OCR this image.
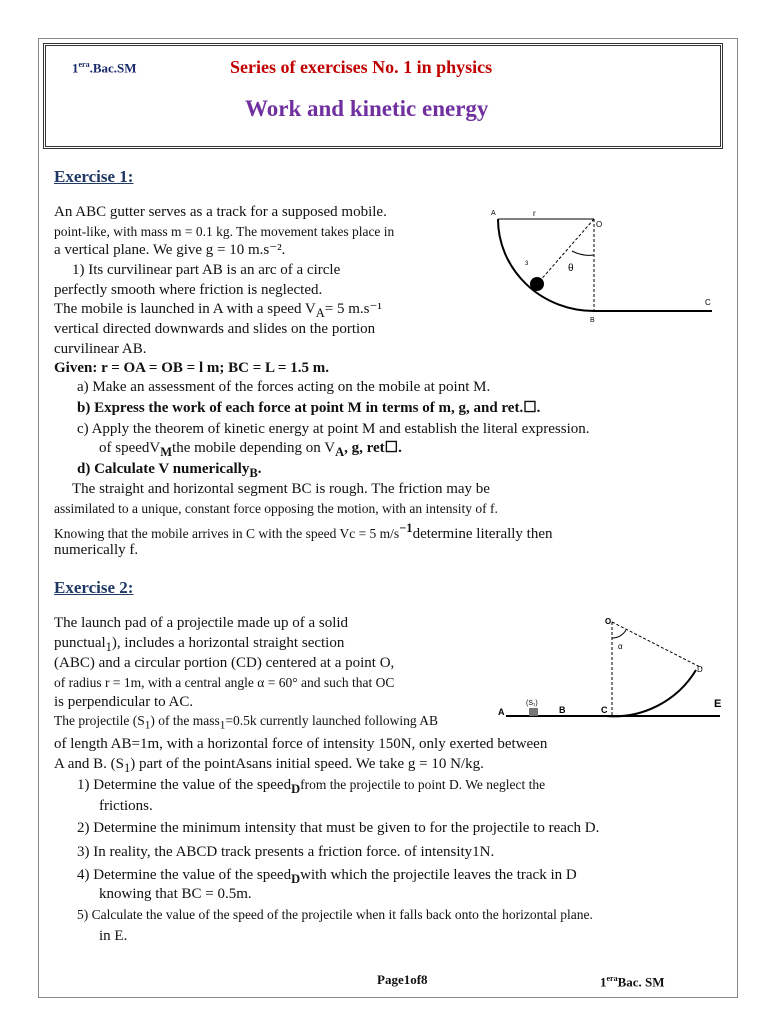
$1^{era}.Bac.SM$	Series of exercises No. 1 in physics
Work and kinetic energy
Exercise 1:
An ABC gutter serves as a track for a supposed mobile.
point-like, with mass m = 0.1 kg. The movement takes place in
a vertical plane. We give g = 10 m.s⁻².
1) Its curvilinear part AB is an arc of a circle
perfectly smooth where friction is neglected.
The mobile is launched in A with a speed $V_A= 5$ m.s⁻¹
vertical directed downwards and slides on the portion
curvilinear AB.
Given: r = OA = OB = l m; BC = L = 1.5 m.
a) Make an assessment of the forces acting on the mobile at point M.
b) Express the work of each force at point M in terms of m, g, and ret.☐.
c) Apply the theorem of kinetic energy at point M and establish the literal expression.
of speedV$_M$the mobile depending on $V_A$, g, ret☐.
d) Calculate V numerically$_B$.
The straight and horizontal segment BC is rough. The friction may be
assimilated to a unique, constant force opposing the motion, with an intensity of f.
Knowing that the mobile arrives in C with the speed Vc = 5 $m/s^{-1}determine$ literally then
numerically f.
A	r
O
θ
3
B
C
Exercise 2:
The launch pad of a projectile made up of a solid
punctual$_1$), includes a horizontal straight section
(ABC) and a circular portion (CD) centered at a point O,
of radius r = 1m, with a central angle α = 60° and such that OC
is perpendicular to AC.
The projectile $(S_1)$ of the mass$_1$=0.5k currently launched following AB
of length AB=1m, with a horizontal force of intensity 150N, only exerted between
A and B. $(S_1)$ part of the pointAsans initial speed. We take g = 10 N/kg.
1) Determine the value of the speed$_D$from the projectile to point D. We neglect the
frictions.
2) Determine the minimum intensity that must be given to for the projectile to reach D.
3) In reality, the ABCD track presents a friction force. of intensity1N.
4) Determine the value of the speed$_D$with which the projectile leaves the track in D
knowing that BC = 0.5m.
5) Calculate the value of the speed of the projectile when it falls back onto the horizontal plane.
in E.
O
α
D
E
A
(S₁)
B	C
Page1of8	$1^{era}Bac$. SM
